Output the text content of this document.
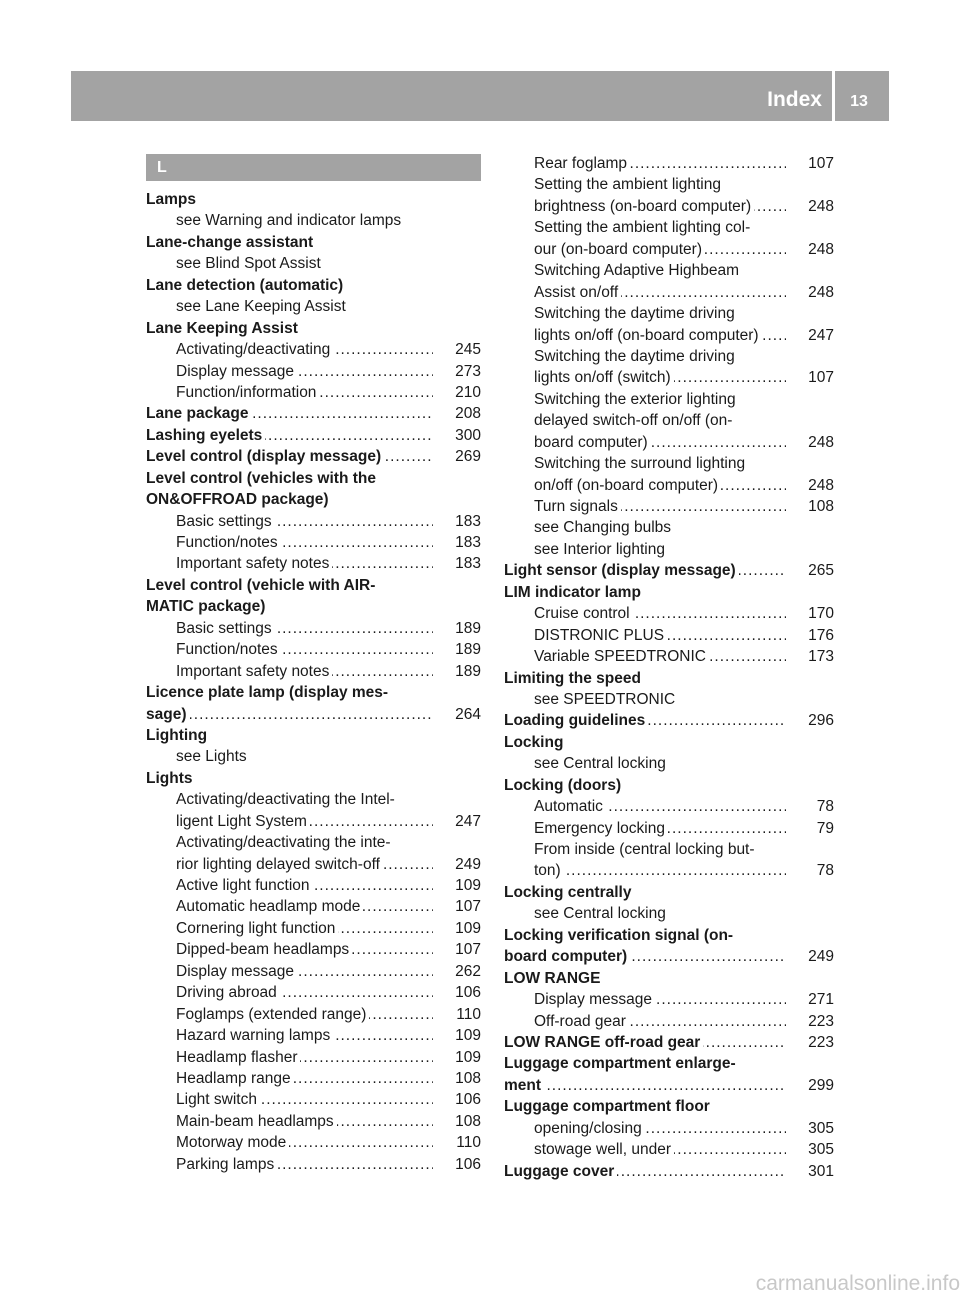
Index	13
L
Lamps
see Warning and indicator lamps
Lane-change assistant
see Blind Spot Assist
Lane detection (automatic)
see Lane Keeping Assist
Lane Keeping Assist
Activating/deactivating	245
.....
Display message	273
.....
Function/information	210
.....
Lane package	208
.....
Lashing eyelets	300
.....
Level control (display message)	269
.....
Level control (vehicles with the
ON&OFFROAD package)
Basic settings	183
.....
Function/notes	183
.....
Important safety notes	183
.....
Level control (vehicle with AIR-
MATIC package)
Basic settings	189
.....
Function/notes	189
.....
Important safety notes	189
.....
Licence plate lamp (display mes-
sage)	264
.....
Lighting
see Lights
Lights
Activating/deactivating the Intel-
ligent Light System	247
.....
Activating/deactivating the inte-
rior lighting delayed switch-off	249
.....
Active light function	109
.....
Automatic headlamp mode	107
.....
Cornering light function	109
.....
Dipped-beam headlamps	107
.....
Display message	262
.....
Driving abroad	106
.....
Foglamps (extended range)	110
.....
Hazard warning lamps	109
.....
Headlamp flasher	109
.....
Headlamp range	108
.....
Light switch	106
.....
Main-beam headlamps	108
.....
Motorway mode	110
.....
Parking lamps	106
.....
Rear foglamp	107
.....
Setting the ambient lighting
brightness (on-board computer)	248
.....
Setting the ambient lighting col-
our (on-board computer)	248
.....
Switching Adaptive Highbeam
Assist on/off	248
.....
Switching the daytime driving
lights on/off (on-board computer)	247
.....
Switching the daytime driving
lights on/off (switch)	107
.....
Switching the exterior lighting
delayed switch-off on/off (on-
board computer)	248
.....
Switching the surround lighting
on/off (on-board computer)	248
.....
Turn signals	108
.....
see Changing bulbs
see Interior lighting
Light sensor (display message)	265
.....
LIM indicator lamp
Cruise control	170
.....
DISTRONIC PLUS	176
.....
Variable SPEEDTRONIC	173
.....
Limiting the speed
see SPEEDTRONIC
Loading guidelines	296
.....
Locking
see Central locking
Locking (doors)
Automatic	78
.....
Emergency locking	79
.....
From inside (central locking but-
ton)	78
.....
Locking centrally
see Central locking
Locking verification signal (on-
board computer)	249
.....
LOW RANGE
Display message	271
.....
Off-road gear	223
.....
LOW RANGE off-road gear	223
.....
Luggage compartment enlarge-
ment	299
.....
Luggage compartment floor
opening/closing	305
.....
stowage well, under	305
.....
Luggage cover	301
.....
carmanualsonline.info
